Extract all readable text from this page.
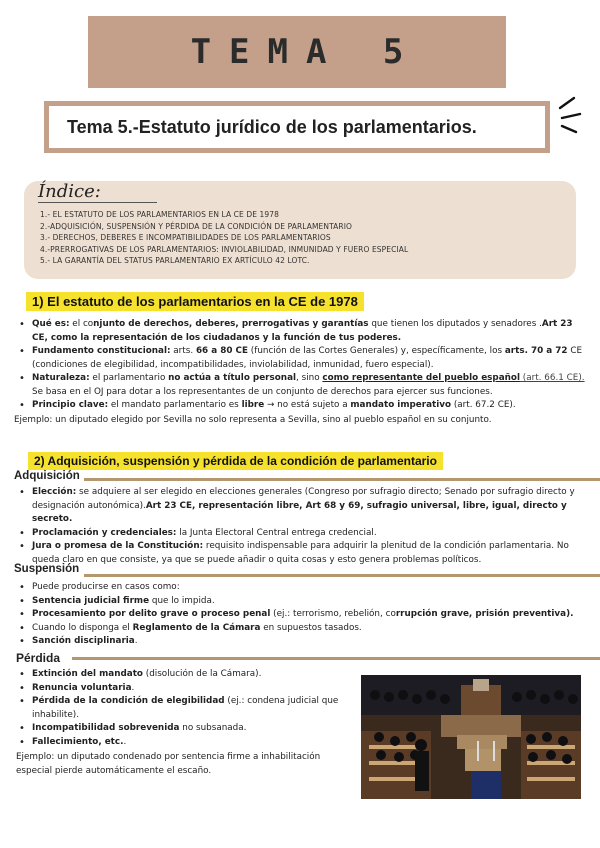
TEMA 5
Tema 5.-Estatuto jurídico de los parlamentarios.
Índice:
1.- EL ESTATUTO DE LOS PARLAMENTARIOS EN LA CE DE 1978
2.-ADQUISICIÓN, SUSPENSIÓN Y PÉRDIDA DE LA CONDICIÓN DE PARLAMENTARIO
3.- DERECHOS, DEBERES E INCOMPATIBILIDADES DE LOS PARLAMENTARIOS
4.-PRERROGATIVAS DE LOS PARLAMENTARIOS: INVIOLABILIDAD, INMUNIDAD Y FUERO ESPECIAL
5.- LA GARANTÍA DEL STATUS PARLAMENTARIO EX ARTÍCULO 42 LOTC.
1) El estatuto de los parlamentarios en la CE de 1978
• Qué es: el conjunto de derechos, deberes, prerrogativas y garantías que tienen los diputados y senadores .Art 23 CE, como la representación de los ciudadanos y la función de tus poderes.
• Fundamento constitucional: arts. 66 a 80 CE (función de las Cortes Generales) y, específicamente, los arts. 70 a 72 CE (condiciones de elegibilidad, incompatibilidades, inviolabilidad, inmunidad, fuero especial).
• Naturaleza: el parlamentario no actúa a título personal, sino como representante del pueblo español (art. 66.1 CE). Se basa en el OJ para dotar a los representantes de un conjunto de derechos para ejercer sus funciones.
• Principio clave: el mandato parlamentario es libre → no está sujeto a mandato imperativo (art. 67.2 CE).
Ejemplo: un diputado elegido por Sevilla no solo representa a Sevilla, sino al pueblo español en su conjunto.
2) Adquisición, suspensión y pérdida de la condición de parlamentario
Adquisición
• Elección: se adquiere al ser elegido en elecciones generales (Congreso por sufragio directo; Senado por sufragio directo y designación autonómica).Art 23 CE, representación libre, Art 68 y 69, sufragio universal, libre, igual, directo y secreto.
• Proclamación y credenciales: la Junta Electoral Central entrega credencial.
• Jura o promesa de la Constitución: requisito indispensable para adquirir la plenitud de la condición parlamentaria. No queda claro en que consiste, ya que se puede añadir o quita cosas y esto genera problemas políticos.
Suspensión
• Puede producirse en casos como:
• Sentencia judicial firme que lo impida.
• Procesamiento por delito grave o proceso penal (ej.: terrorismo, rebelión, corrupción grave, prisión preventiva).
• Cuando lo disponga el Reglamento de la Cámara en supuestos tasados.
• Sanción disciplinaria.
Pérdida
• Extinción del mandato (disolución de la Cámara).
• Renuncia voluntaria.
• Pérdida de la condición de elegibilidad (ej.: condena judicial que inhabilite).
• Incompatibilidad sobrevenida no subsanada.
• Fallecimiento, etc..
Ejemplo: un diputado condenado por sentencia firme a inhabilitación especial pierde automáticamente el escaño.
